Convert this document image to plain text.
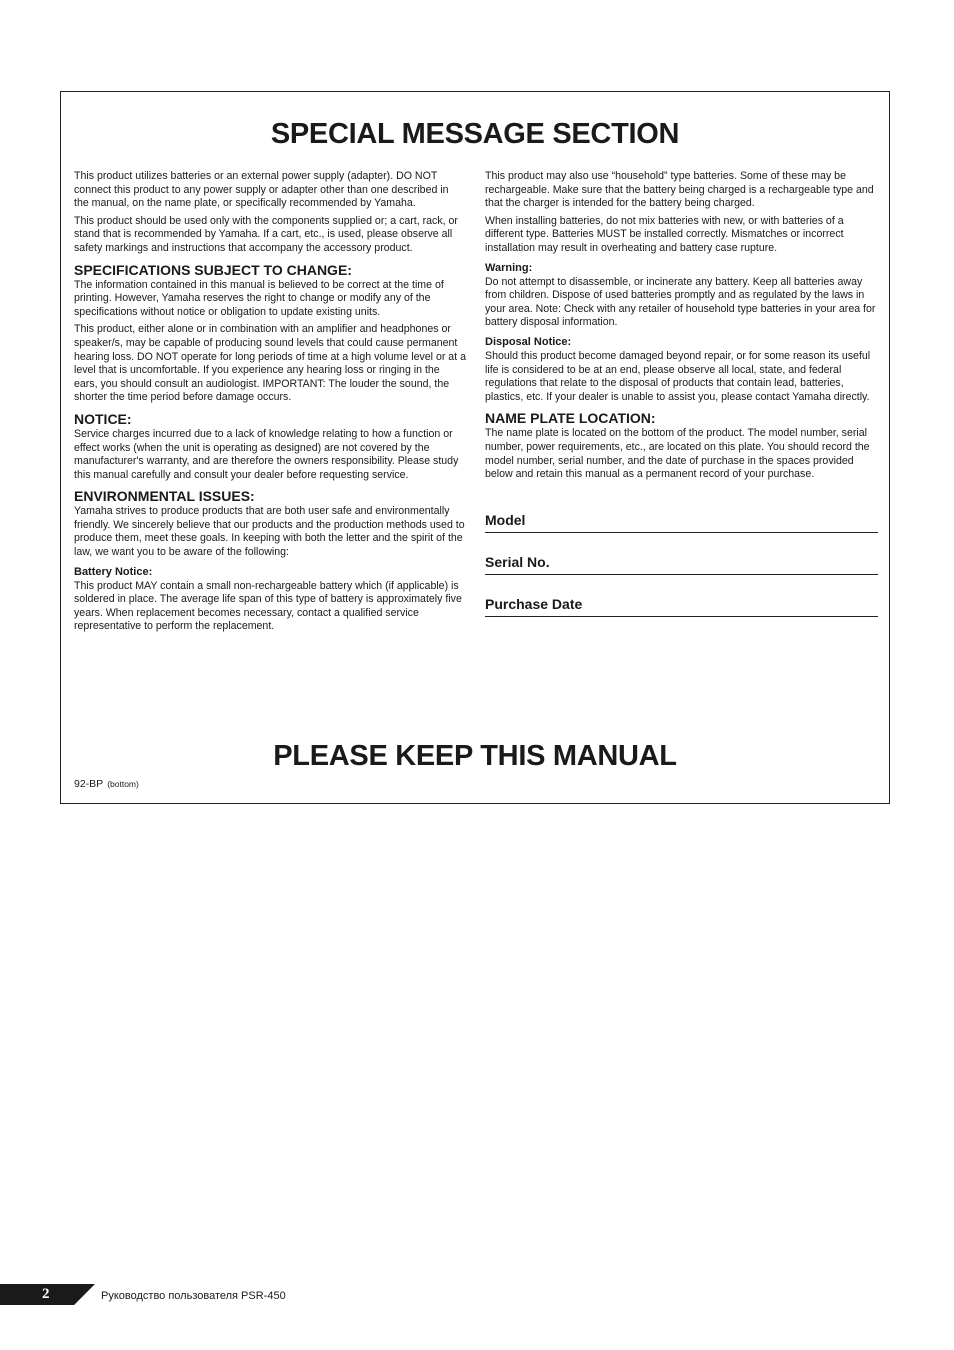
SPECIAL MESSAGE SECTION

This product utilizes batteries or an external power supply (adapter). DO NOT connect this product to any power supply or adapter other than one described in the manual, on the name plate, or specifically recommended by Yamaha.

This product should be used only with the components supplied or; a cart, rack, or stand that is recommended by Yamaha. If a cart, etc., is used, please observe all safety markings and instructions that accompany the accessory product.

SPECIFICATIONS SUBJECT TO CHANGE:

The information contained in this manual is believed to be correct at the time of printing. However, Yamaha reserves the right to change or modify any of the specifications without notice or obligation to update existing units.

This product, either alone or in combination with an amplifier and headphones or speaker/s, may be capable of producing sound levels that could cause permanent hearing loss. DO NOT operate for long periods of time at a high volume level or at a level that is uncomfortable. If you experience any hearing loss or ringing in the ears, you should consult an audiologist. IMPORTANT: The louder the sound, the shorter the time period before damage occurs.

NOTICE:

Service charges incurred due to a lack of knowledge relating to how a function or effect works (when the unit is operating as designed) are not covered by the manufacturer's warranty, and are therefore the owners responsibility. Please study this manual carefully and consult your dealer before requesting service.

ENVIRONMENTAL ISSUES:

Yamaha strives to produce products that are both user safe and environmentally friendly. We sincerely believe that our products and the production methods used to produce them, meet these goals. In keeping with both the letter and the spirit of the law, we want you to be aware of the following:

Battery Notice:

This product MAY contain a small non-rechargeable battery which (if applicable) is soldered in place. The average life span of this type of battery is approximately five years. When replacement becomes necessary, contact a qualified service representative to perform the replacement.

This product may also use “household” type batteries. Some of these may be rechargeable. Make sure that the battery being charged is a rechargeable type and that the charger is intended for the battery being charged.

When installing batteries, do not mix batteries with new, or with batteries of a different type. Batteries MUST be installed correctly. Mismatches or incorrect installation may result in overheating and battery case rupture.

Warning:

Do not attempt to disassemble, or incinerate any battery. Keep all batteries away from children. Dispose of used batteries promptly and as regulated by the laws in your area. Note: Check with any retailer of household type batteries in your area for battery disposal information.

Disposal Notice:

Should this product become damaged beyond repair, or for some reason its useful life is considered to be at an end, please observe all local, state, and federal regulations that relate to the disposal of products that contain lead, batteries, plastics, etc. If your dealer is unable to assist you, please contact Yamaha directly.

NAME PLATE LOCATION:

The name plate is located on the bottom of the product. The model number, serial number, power requirements, etc., are located on this plate. You should record the model number, serial number, and the date of purchase in the spaces provided below and retain this manual as a permanent record of your purchase.

Model
Serial No.
Purchase Date
PLEASE KEEP THIS MANUAL
92-BP (bottom)
2	Руководство пользователя PSR-450
